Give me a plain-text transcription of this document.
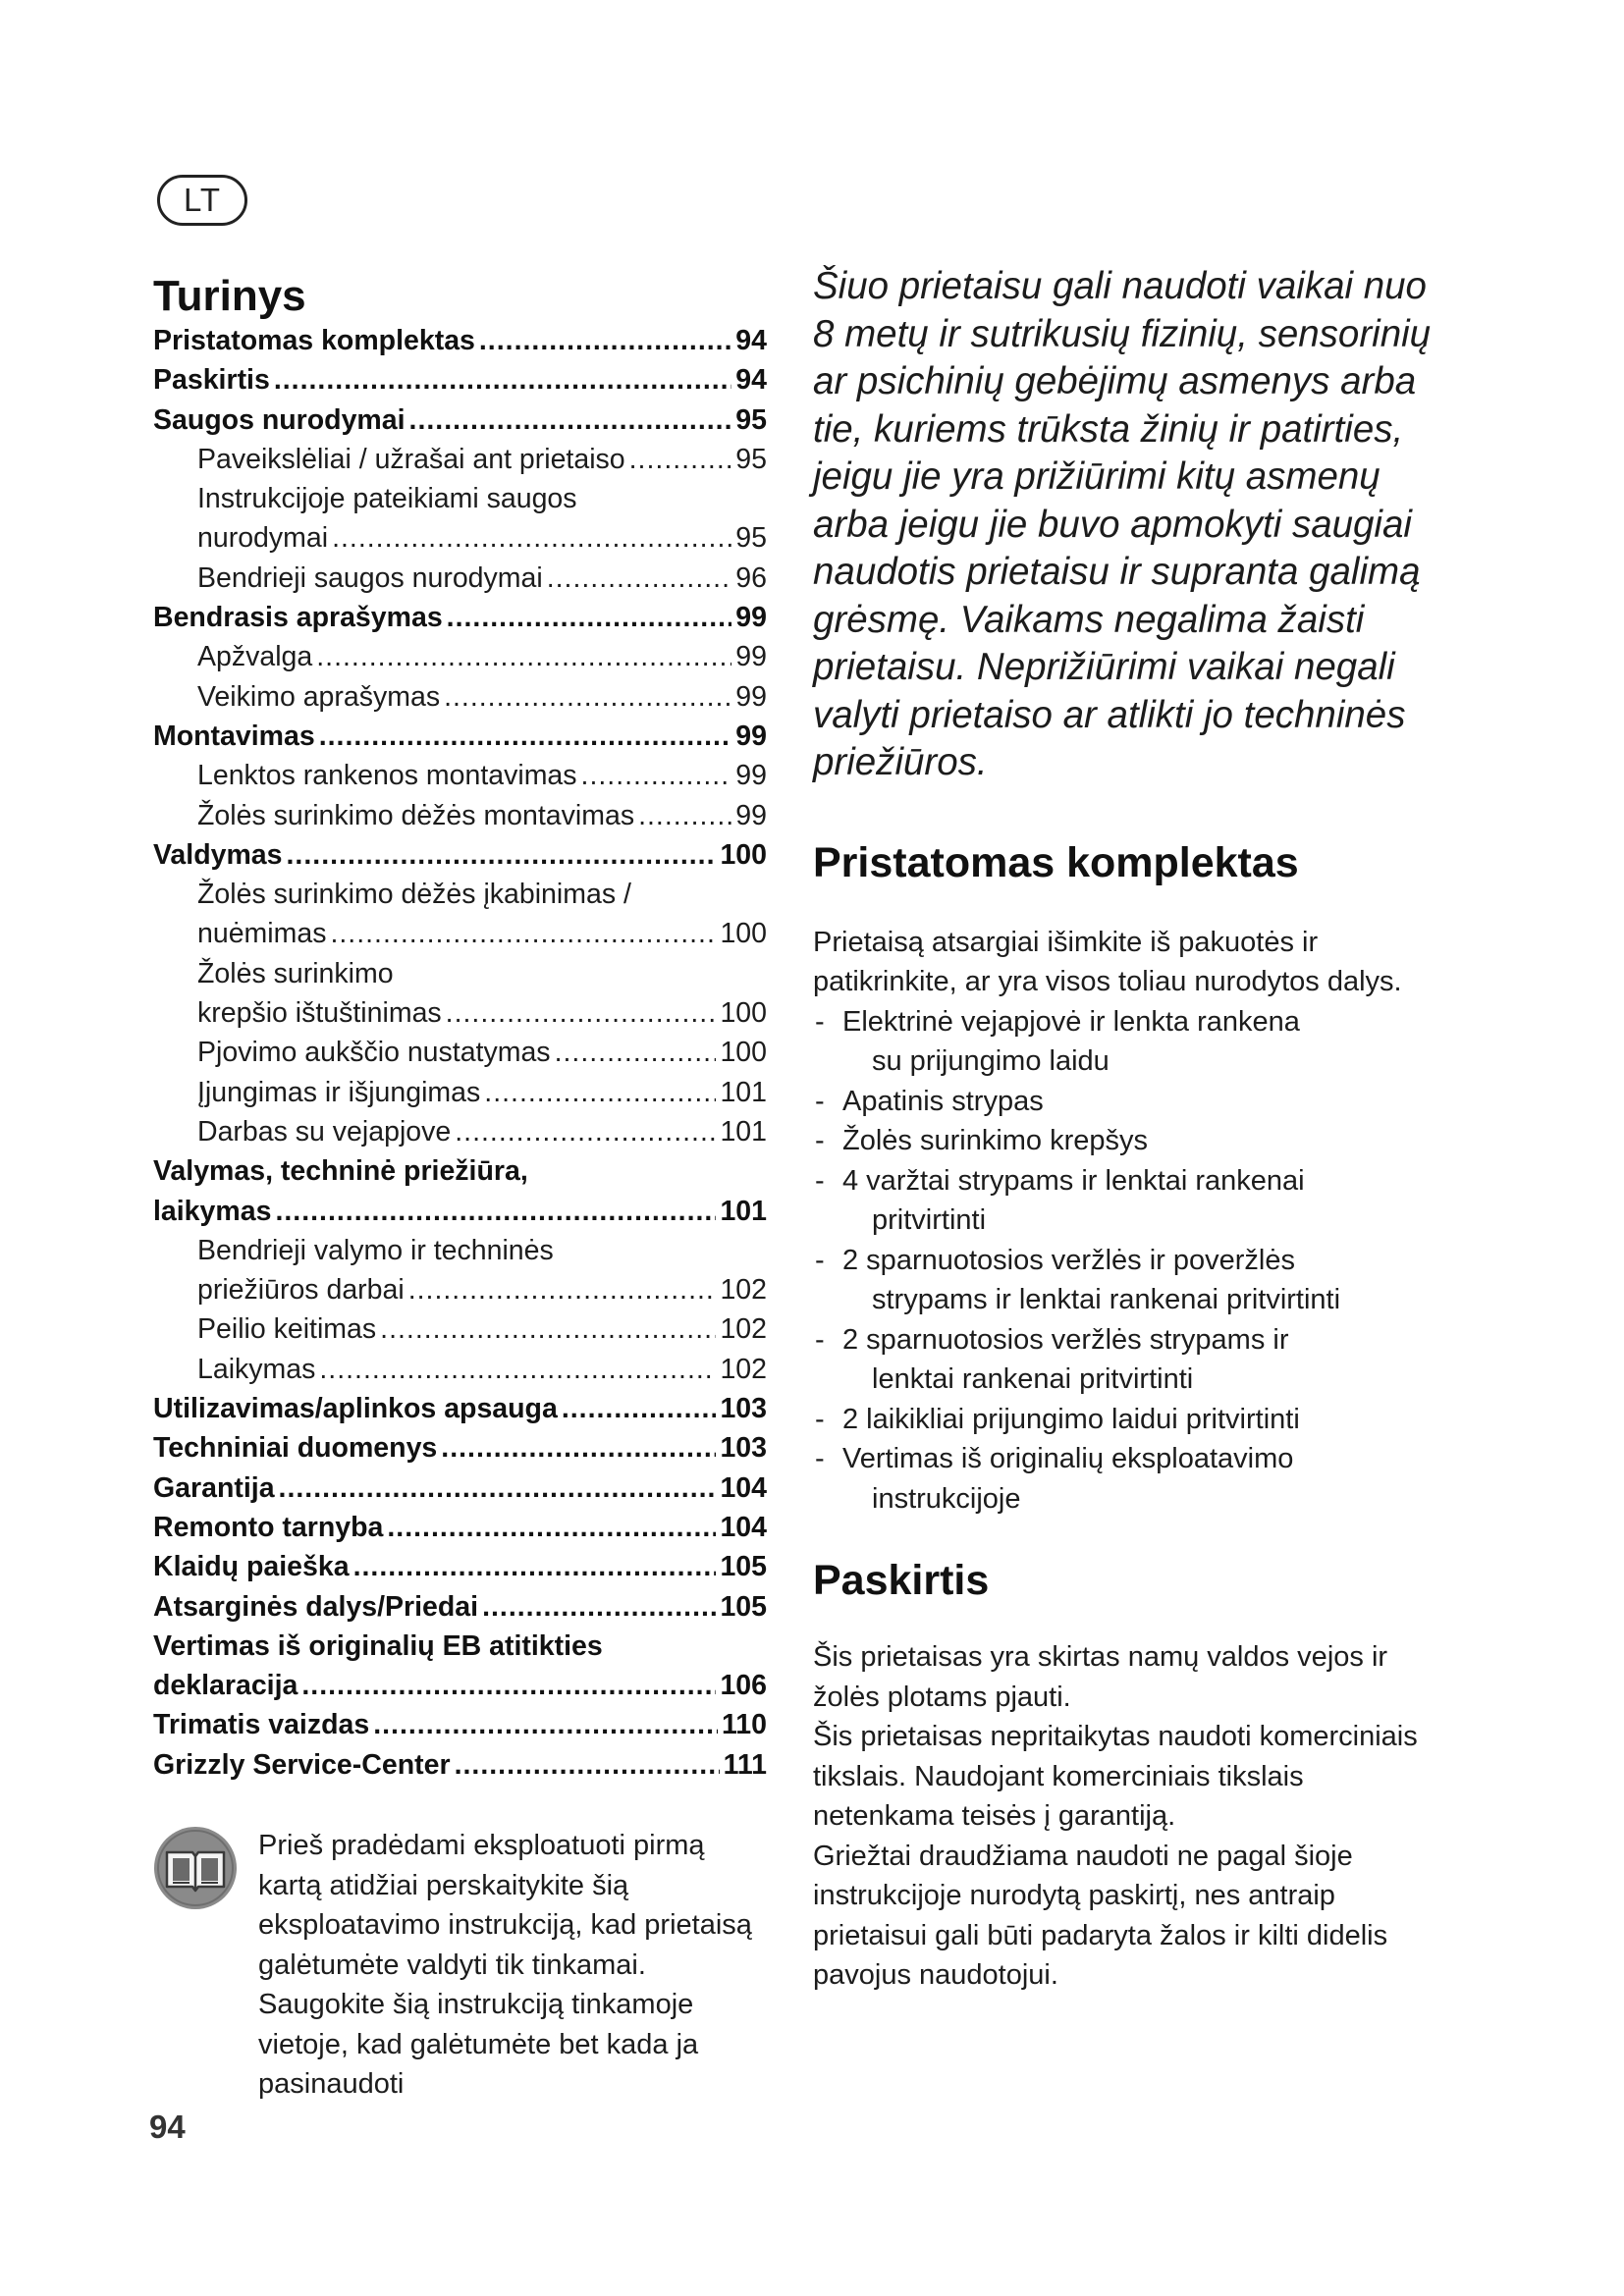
LT
Turinys
Pristatomas komplektas .....	94
Paskirtis .....	94
Saugos nurodymai .....	95
Paveikslėliai / užrašai ant prietaiso .....	95
Instrukcijoje pateikiami saugos
nurodymai .....	95
Bendrieji saugos nurodymai .....	96
Bendrasis aprašymas .....	99
Apžvalga .....	99
Veikimo aprašymas .....	99
Montavimas .....	99
Lenktos rankenos montavimas .....	99
Žolės surinkimo dėžės montavimas .....	99
Valdymas .....	100
Žolės surinkimo dėžės įkabinimas /
nuėmimas .....	100
Žolės surinkimo
krepšio ištuštinimas .....	100
Pjovimo aukščio nustatymas .....	100
Įjungimas ir išjungimas .....	101
Darbas su vejapjove .....	101
Valymas, techninė priežiūra,
laikymas .....	101
Bendrieji valymo ir techninės
priežiūros darbai .....	102
Peilio keitimas .....	102
Laikymas .....	102
Utilizavimas/aplinkos apsauga .....	103
Techniniai duomenys .....	103
Garantija .....	104
Remonto tarnyba .....	104
Klaidų paieška .....	105
Atsarginės dalys/Priedai .....	105
Vertimas iš originalių EB atitikties
deklaracija .....	106
Trimatis vaizdas .....	110
Grizzly Service-Center .....	111
Prieš pradėdami eksploatuoti pirmą kartą atidžiai perskaitykite šią eksploatavimo instrukciją, kad prietaisą galėtumėte valdyti tik tinkamai. Saugokite šią instrukciją tinkamoje vietoje, kad galėtumėte bet kada ja pasinaudoti
94

Šiuo prietaisu gali naudoti vaikai nuo 8 metų ir sutrikusių fizinių, sensorinių ar psichinių gebėjimų asmenys arba tie, kuriems trūksta žinių ir patirties, jeigu jie yra prižiūrimi kitų asmenų arba jeigu jie buvo apmokyti saugiai naudotis prietaisu ir supranta galimą grėsmę. Vaikams negalima žaisti prietaisu. Neprižiūrimi vaikai negali valyti prietaiso ar atlikti jo techninės priežiūros.

Pristatomas komplektas

Prietaisą atsargiai išimkite iš pakuotės ir patikrinkite, ar yra visos toliau nurodytos dalys.

- Elektrinė vejapjovė ir lenkta rankena
su prijungimo laidu
- Apatinis strypas
- Žolės surinkimo krepšys
- 4 varžtai strypams ir lenktai rankenai
pritvirtinti
- 2 sparnuotosios veržlės ir poveržlės
strypams ir lenktai rankenai pritvirtinti
- 2 sparnuotosios veržlės strypams ir
lenktai rankenai pritvirtinti
- 2 laikikliai prijungimo laidui pritvirtinti
- Vertimas iš originalių eksploatavimo
instrukcijoje
Paskirtis

Šis prietaisas yra skirtas namų valdos vejos ir žolės plotams pjauti.

Šis prietaisas nepritaikytas naudoti komerciniais tikslais. Naudojant komerciniais tikslais netenkama teisės į garantiją.

Griežtai draudžiama naudoti ne pagal šioje instrukcijoje nurodytą paskirtį, nes antraip prietaisui gali būti padaryta žalos ir kilti didelis pavojus naudotojui.
